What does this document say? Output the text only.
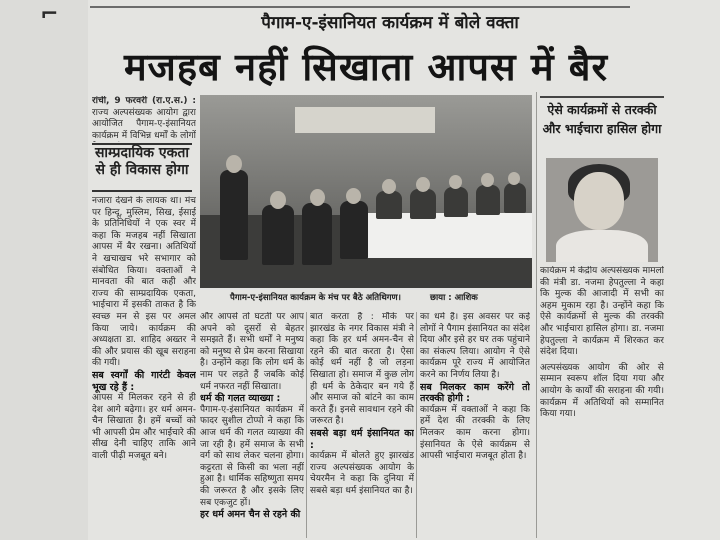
⌐	पैगाम-ए-इंसानियत कार्यक्रम में बोले वक्ता
मजहब नहीं सिखाता आपस में बैर

रांची, 9 फरवरी (रा.ए.स.) : राज्य अल्पसंख्यक आयोग द्वारा आयोजित पैगाम-ए-इंसानियत कार्यक्रम में विभिन्न धर्मों के लोगों

साम्प्रदायिक एकता से ही विकास होगा

नजारा देखने के लायक था। मंच पर हिन्दू, मुस्लिम, सिख, ईसाई के प्रतिनिधियों ने एक स्वर में कहा कि मजहब नहीं सिखाता आपस में बैर रखना। अतिथियों ने खचाखच भरे सभागार को संबोधित किया। वक्ताओं ने मानवता की बात कही और राज्य की साम्प्रदायिक एकता, भाईचारा में इसकी ताकत है कि स्वच्छ मन से इस पर अमल किया जाये। कार्यक्रम की अध्यक्षता डा. शाहिद अख्तर ने की और प्रयास की खूब सराहना की गयी।

सब स्वर्गों की गारंटी केवल भूख रहे हैं :

आपस में मिलकर रहने से ही देश आगे बढ़ेगा। हर धर्म अमन-चैन सिखाता है। हमें बच्चों को भी आपसी प्रेम और भाईचारे की सीख देनी चाहिए ताकि आने वाली पीढ़ी मजबूत बने।

पैगाम-ए-इंसानियत कार्यक्रम के मंच पर बैठे अतिथिगण।	छाया : आशिक

और आपसे तो घटती पर आप अपने को दूसरों से बेहतर समझते हैं। सभी धर्मों ने मनुष्य को मनुष्य से प्रेम करना सिखाया है। उन्होंने कहा कि लोग धर्म के नाम पर लड़ते हैं जबकि कोई धर्म नफरत नहीं सिखाता।

धर्म की गलत व्याख्या :

पैगाम-ए-इंसानियत कार्यक्रम में फादर सुशील टोप्पो ने कहा कि आज धर्म की गलत व्याख्या की जा रही है। हमें समाज के सभी वर्ग को साथ लेकर चलना होगा। कट्टरता से किसी का भला नहीं हुआ है। धार्मिक सहिष्णुता समय की जरूरत है और इसके लिए सब एकजुट हों।

हर धर्म अमन चैन से रहने की

बात करता है : मौके पर झारखंड के नगर विकास मंत्री ने कहा कि हर धर्म अमन-चैन से रहने की बात करता है। ऐसा कोई धर्म नहीं है जो लड़ना सिखाता हो। समाज में कुछ लोग ही धर्म के ठेकेदार बन गये हैं और समाज को बांटने का काम करते हैं। इनसे सावधान रहने की जरूरत है।

सबसे बड़ा धर्म इंसानियत का :

कार्यक्रम में बोलते हुए झारखंड राज्य अल्पसंख्यक आयोग के चेयरमैन ने कहा कि दुनिया में सबसे बड़ा धर्म इंसानियत का है।

का धर्म है। इस अवसर पर कई लोगों ने पैगाम इंसानियत का संदेश दिया और इसे हर घर तक पहुंचाने का संकल्प लिया। आयोग ने ऐसे कार्यक्रम पूरे राज्य में आयोजित करने का निर्णय लिया है।

सब मिलकर काम करेंगे तो तरक्की होगी :

कार्यक्रम में वक्ताओं ने कहा कि हमें देश की तरक्की के लिए मिलकर काम करना होगा। इंसानियत के ऐसे कार्यक्रम से आपसी भाईचारा मजबूत होता है।

ऐसे कार्यक्रमों से तरक्की और भाईचारा हासिल होगा

कार्यक्रम में केंद्रीय अल्पसंख्यक मामलों की मंत्री डा. नजमा हेपतुल्ला ने कहा कि मुल्क की आजादी में सभी का अहम मुकाम रहा है। उन्होंने कहा कि ऐसे कार्यक्रमों से मुल्क की तरक्की और भाईचारा हासिल होगा। डा. नजमा हेपतुल्ला ने कार्यक्रम में शिरकत कर संदेश दिया।

अल्पसंख्यक आयोग की ओर से सम्मान स्वरूप शॉल दिया गया और आयोग के कार्यों की सराहना की गयी। कार्यक्रम में अतिथियों को सम्मानित किया गया।
